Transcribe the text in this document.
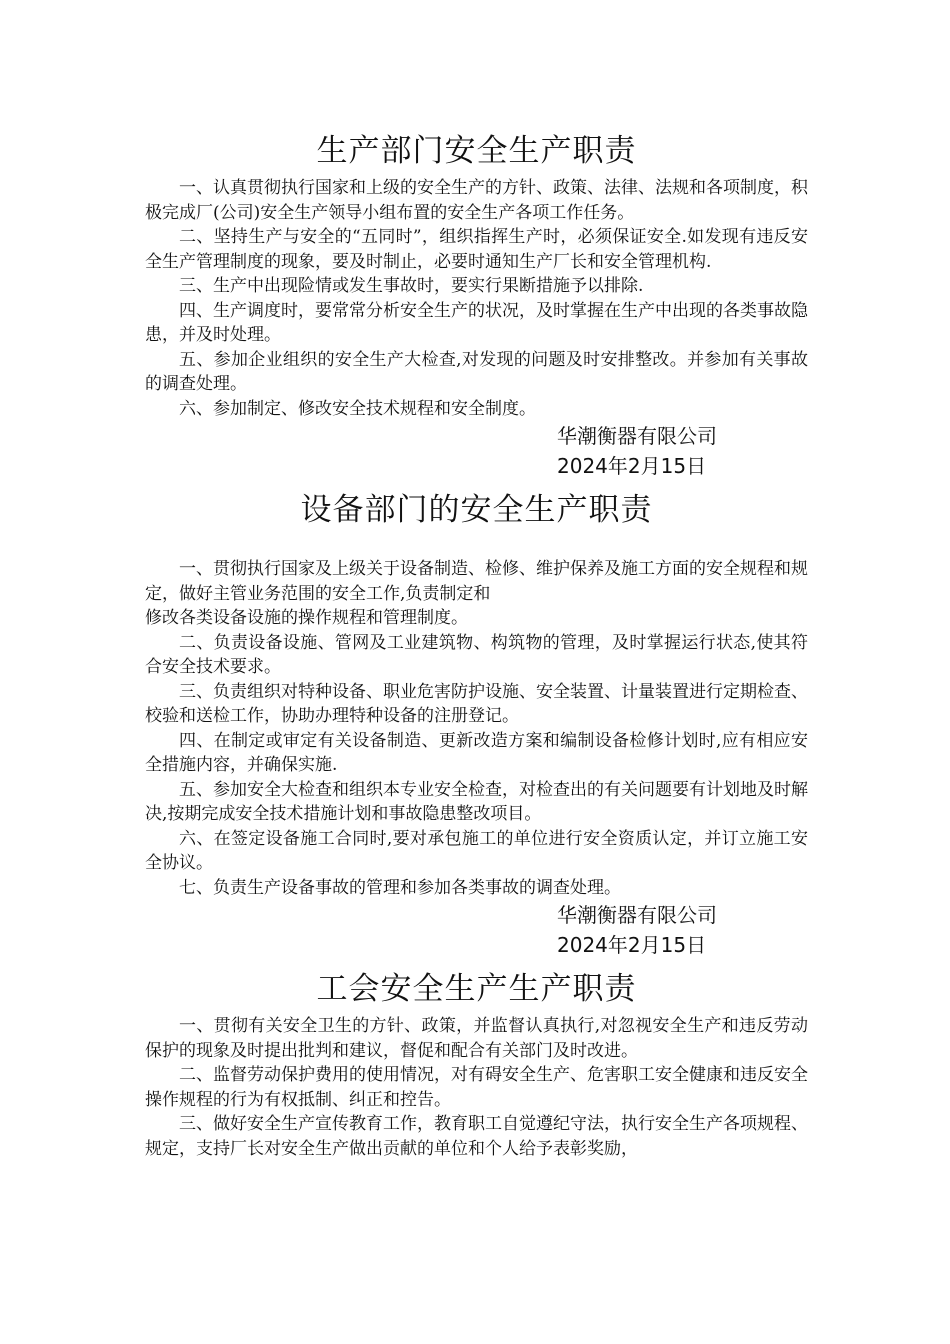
生产部门安全生产职责

一、认真贯彻执行国家和上级的安全生产的方针、政策、法律、法规和各项制度，积极完成厂(公司)安全生产领导小组布置的安全生产各项工作任务。

二、坚持生产与安全的“五同时”，组织指挥生产时，必须保证安全.如发现有违反安全生产管理制度的现象，要及时制止，必要时通知生产厂长和安全管理机构.

三、生产中出现险情或发生事故时，要实行果断措施予以排除.

四、生产调度时，要常常分析安全生产的状况，及时掌握在生产中出现的各类事故隐患，并及时处理。

五、参加企业组织的安全生产大检查,对发现的问题及时安排整改。并参加有关事故的调查处理。

六、参加制定、修改安全技术规程和安全制度。

华潮衡器有限公司

2024年2月15日

设备部门的安全生产职责

一、贯彻执行国家及上级关于设备制造、检修、维护保养及施工方面的安全规程和规定，做好主管业务范围的安全工作,负责制定和

修改各类设备设施的操作规程和管理制度。

二、负责设备设施、管网及工业建筑物、构筑物的管理，及时掌握运行状态,使其符合安全技术要求。

三、负责组织对特种设备、职业危害防护设施、安全装置、计量装置进行定期检查、校验和送检工作，协助办理特种设备的注册登记。

四、在制定或审定有关设备制造、更新改造方案和编制设备检修计划时,应有相应安全措施内容，并确保实施.

五、参加安全大检查和组织本专业安全检查，对检查出的有关问题要有计划地及时解决,按期完成安全技术措施计划和事故隐患整改项目。

六、在签定设备施工合同时,要对承包施工的单位进行安全资质认定，并订立施工安全协议。

七、负责生产设备事故的管理和参加各类事故的调查处理。

华潮衡器有限公司

2024年2月15日

工会安全生产生产职责

一、贯彻有关安全卫生的方针、政策，并监督认真执行,对忽视安全生产和违反劳动保护的现象及时提出批判和建议，督促和配合有关部门及时改进。

二、监督劳动保护费用的使用情况，对有碍安全生产、危害职工安全健康和违反安全操作规程的行为有权抵制、纠正和控告。

三、做好安全生产宣传教育工作，教育职工自觉遵纪守法，执行安全生产各项规程、规定，支持厂长对安全生产做出贡献的单位和个人给予表彰奖励，
